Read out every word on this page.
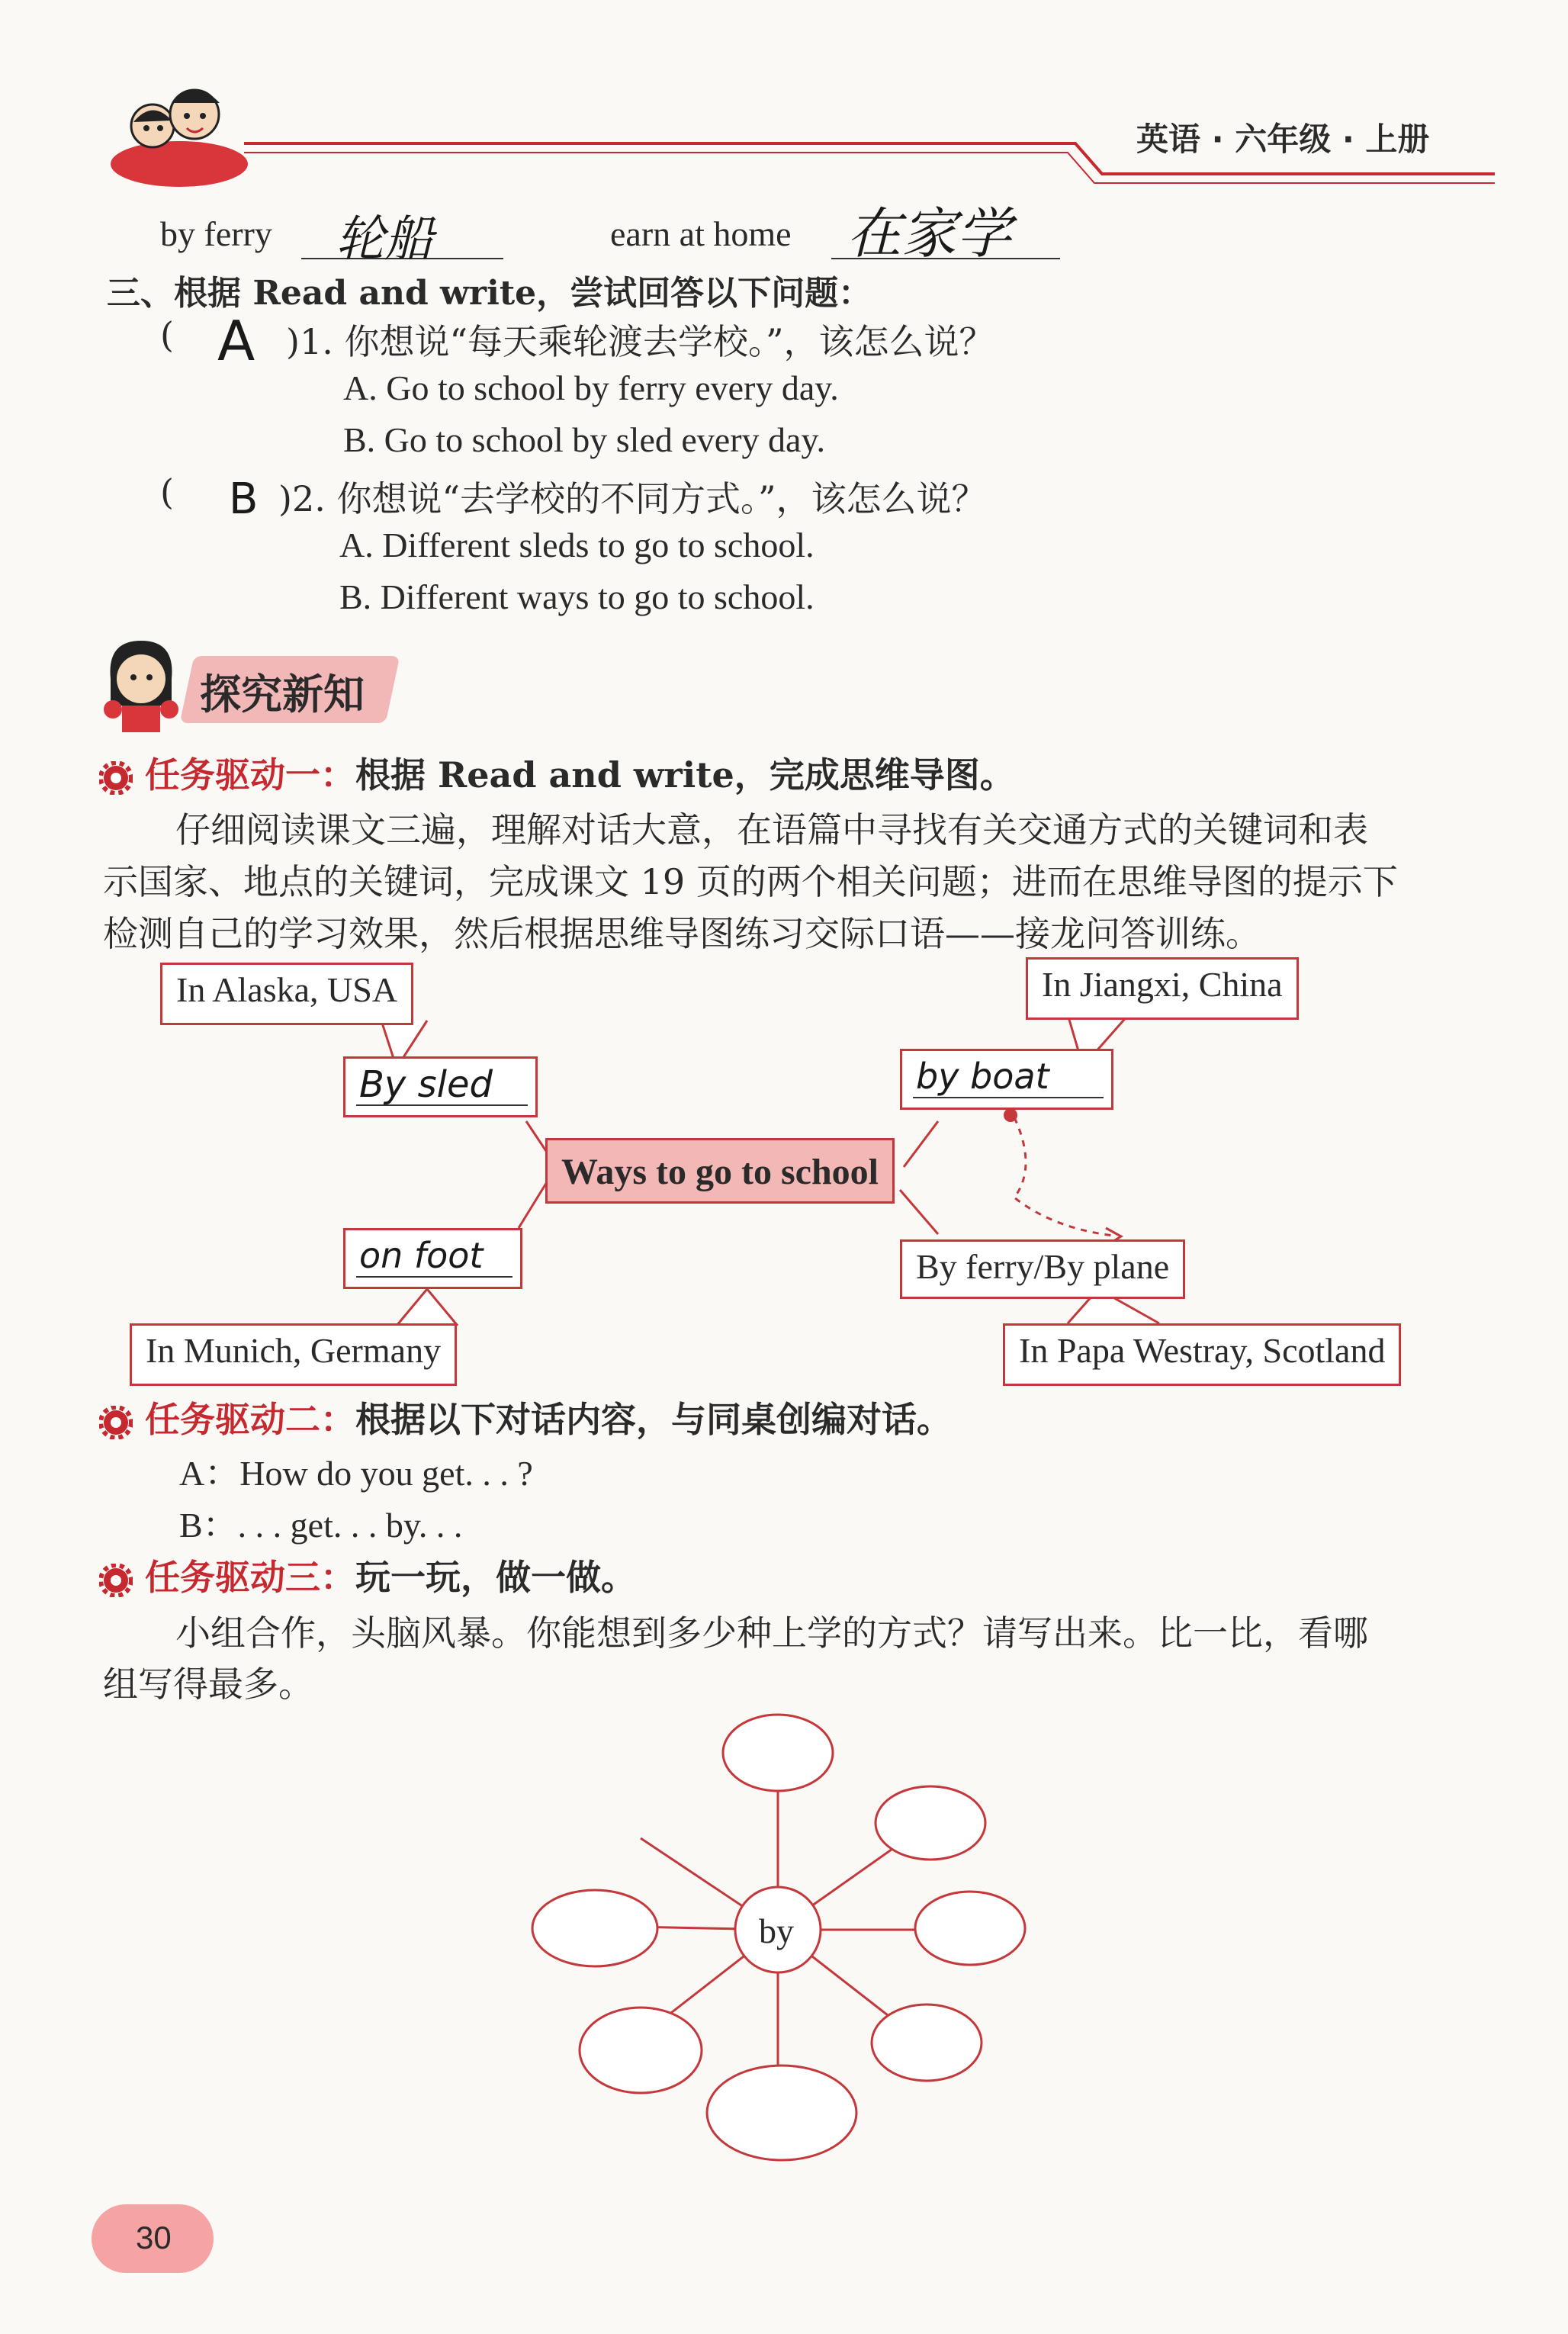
英语 · 六年级 · 上册
by ferry 轮船	earn at home 在家学
三、根据 Read and write，尝试回答以下问题：
( A )1. 你想说“每天乘轮渡去学校。”，该怎么说？
A. Go to school by ferry every day.
B. Go to school by sled every day.
( B )2. 你想说“去学校的不同方式。”，该怎么说？
A. Different sleds to go to school.
B. Different ways to go to school.
探究新知
任务驱动一：根据 Read and write，完成思维导图。
仔细阅读课文三遍，理解对话大意，在语篇中寻找有关交通方式的关键词和表
示国家、地点的关键词，完成课文 19 页的两个相关问题；进而在思维导图的提示下
检测自己的学习效果，然后根据思维导图练习交际口语——接龙问答训练。
In Alaska, USA	In Jiangxi, China
In Munich, Germany	In Papa Westray, Scotland
By sled	by boat
on foot	By ferry/By plane
Ways to go to school
任务驱动二：根据以下对话内容，与同桌创编对话。
A：How do you get. . . ?
B：. . . get. . . by. . .
任务驱动三：玩一玩，做一做。
小组合作，头脑风暴。你能想到多少种上学的方式？请写出来。比一比，看哪
组写得最多。
by
30
